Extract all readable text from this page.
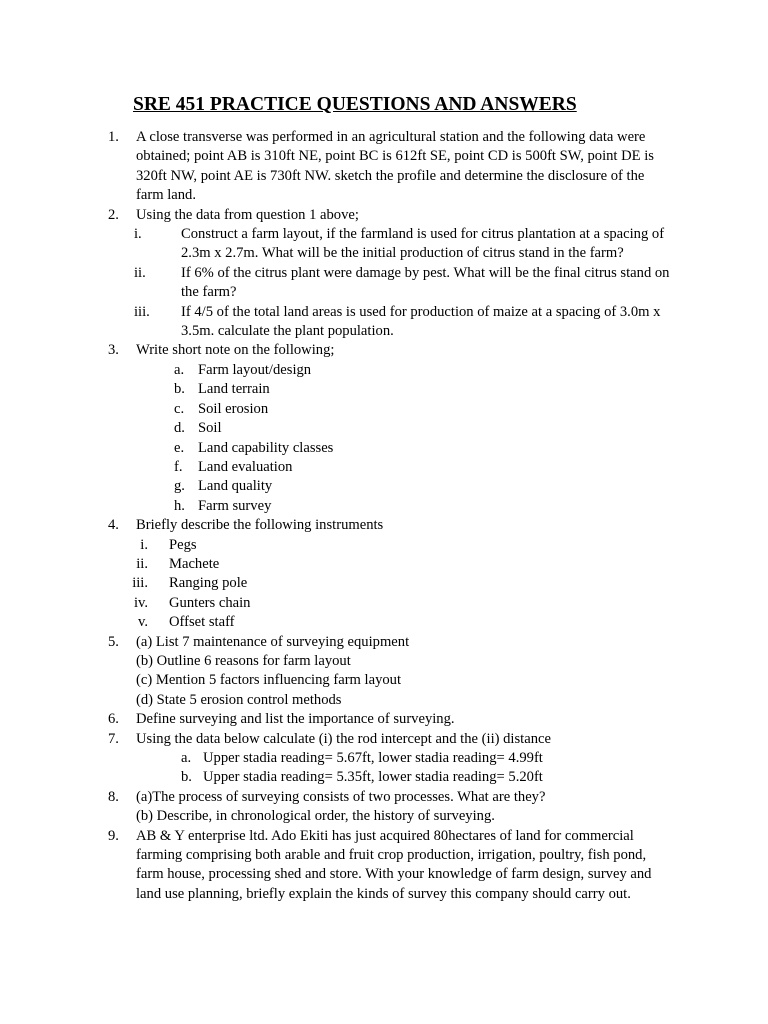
SRE 451 PRACTICE QUESTIONS AND ANSWERS
1.	A close transverse was performed in an agricultural station and the following data were obtained; point AB is 310ft NE, point BC is 612ft SE, point CD is 500ft SW, point DE is 320ft NW, point AE is 730ft NW. sketch the profile and determine the disclosure of the farm land.
2.	Using the data from question 1 above;
i.	Construct a farm layout, if the farmland is used for citrus plantation at a spacing of 2.3m x 2.7m. What will be the initial production of citrus stand in the farm?
ii.	If 6% of the citrus plant were damage by pest. What will be the final citrus stand on the farm?
iii.	If 4/5 of the total land areas is used for production of maize at a spacing of 3.0m x 3.5m. calculate the plant population.
3.	Write short note on the following;
a. Farm layout/design
b. Land terrain
c. Soil erosion
d. Soil
e. Land capability classes
f.	Land evaluation
g. Land quality
h. Farm survey
4.	Briefly describe the following instruments
i. Pegs
ii. Machete
iii. Ranging pole
iv. Gunters chain
v. Offset staff
5.	(a) List 7 maintenance of surveying equipment
(b) Outline 6 reasons for farm layout
(c) Mention 5 factors influencing farm layout
(d) State 5 erosion control methods
6.	Define surveying and list the importance of surveying.
7.	Using the data below calculate (i) the rod intercept and the (ii) distance
a. Upper stadia reading= 5.67ft, lower stadia reading= 4.99ft
b. Upper stadia reading= 5.35ft, lower stadia reading= 5.20ft
8.	(a)The process of surveying consists of two processes. What are they?
(b) Describe, in chronological order, the history of surveying.
9.	AB & Y enterprise ltd. Ado Ekiti has just acquired 80hectares of land for commercial farming comprising both arable and fruit crop production, irrigation, poultry, fish pond, farm house, processing shed and store. With your knowledge of farm design, survey and land use planning, briefly explain the kinds of survey this company should carry out.
